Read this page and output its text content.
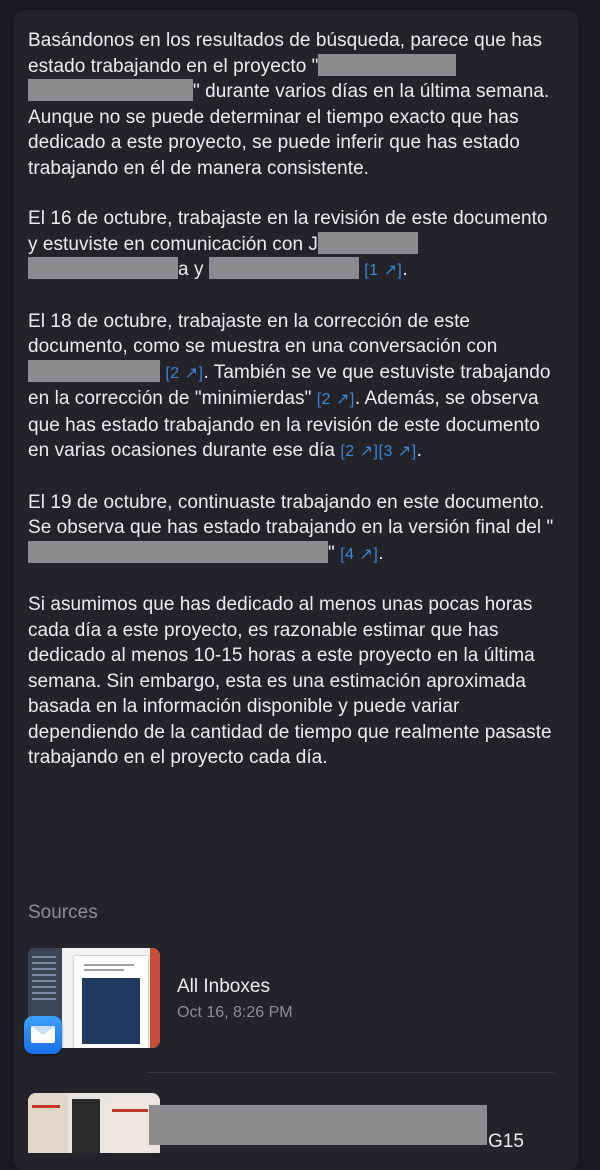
Basándonos en los resultados de búsqueda, parece que has estado trabajando en el proyecto " " durante varios días en la última semana. Aunque no se puede determinar el tiempo exacto que has dedicado a este proyecto, se puede inferir que has estado trabajando en él de manera consistente.

El 16 de octubre, trabajaste en la revisión de este documento y estuviste en comunicación con J a y	[1 ↗].

El 18 de octubre, trabajaste en la corrección de este documento, como se muestra en una conversación con  [2 ↗]. También se ve que estuviste trabajando en la corrección de "minimierdas" [2 ↗]. Además, se observa que has estado trabajando en la revisión de este documento en varias ocasiones durante ese día [2 ↗][3 ↗].

El 19 de octubre, continuaste trabajando en este documento. Se observa que has estado trabajando en la versión final del "" [4 ↗].

Si asumimos que has dedicado al menos unas pocas horas cada día a este proyecto, es razonable estimar que has dedicado al menos 10-15 horas a este proyecto en la última semana. Sin embargo, esta es una estimación aproximada basada en la información disponible y puede variar dependiendo de la cantidad de tiempo que realmente pasaste trabajando en el proyecto cada día.

Sources
All Inboxes
Oct 16, 8:26 PM
G15
